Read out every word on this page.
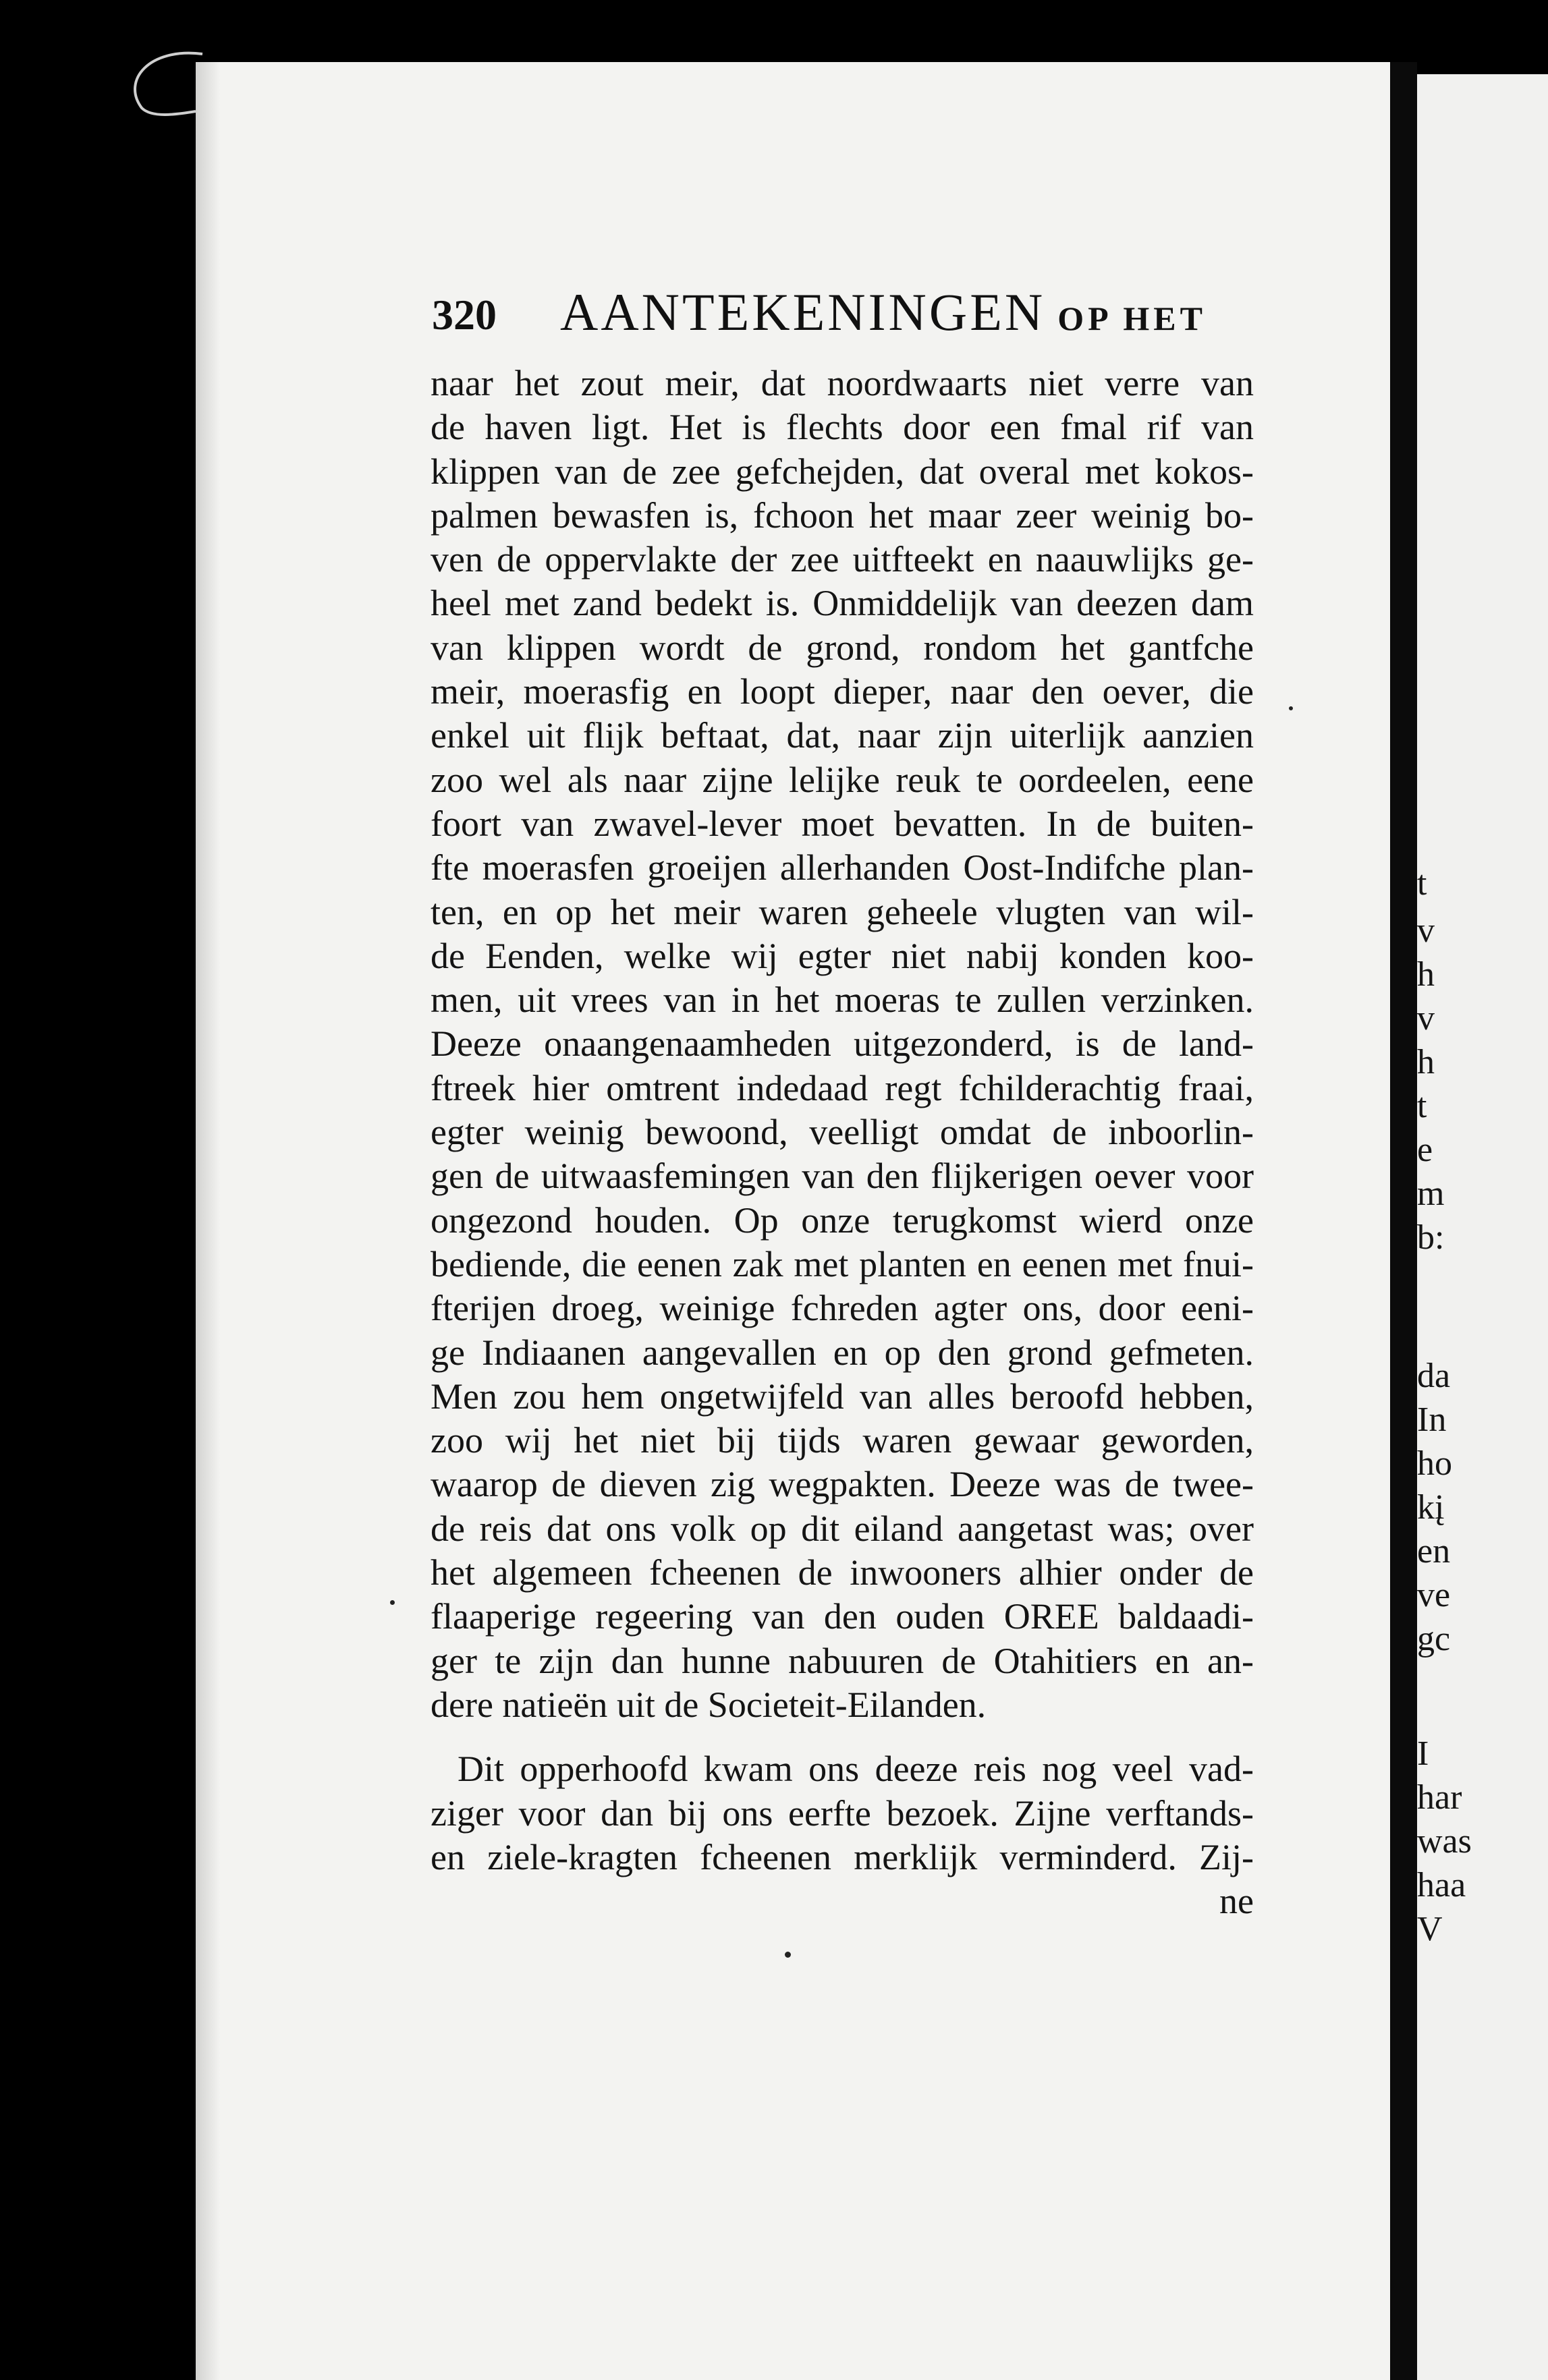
t
v
h
v
h
t
e
m
b:
da
In
ho
kį
en
ve
gc
I
har
was
haa
V
320 AANTEKENINGEN OP HET
naar het zout meir, dat noordwaarts niet verre van
de haven ligt. Het is flechts door een fmal rif van
klippen van de zee gefchejden, dat overal met kokos-
palmen bewasfen is, fchoon het maar zeer weinig bo-
ven de oppervlakte der zee uitfteekt en naauwlijks ge-
heel met zand bedekt is. Onmiddelijk van deezen dam
van klippen wordt de grond, rondom het gantfche
meir, moerasfig en loopt dieper, naar den oever, die
enkel uit flijk beftaat, dat, naar zijn uiterlijk aanzien
zoo wel als naar zijne lelijke reuk te oordeelen, eene
foort van zwavel-lever moet bevatten. In de buiten-
fte moerasfen groeijen allerhanden Oost-Indifche plan-
ten, en op het meir waren geheele vlugten van wil-
de Eenden, welke wij egter niet nabij konden koo-
men, uit vrees van in het moeras te zullen verzinken.
Deeze onaangenaamheden uitgezonderd, is de land-
ftreek hier omtrent indedaad regt fchilderachtig fraai,
egter weinig bewoond, veelligt omdat de inboorlin-
gen de uitwaasfemingen van den flijkerigen oever voor
ongezond houden. Op onze terugkomst wierd onze
bediende, die eenen zak met planten en eenen met fnui-
fterijen droeg, weinige fchreden agter ons, door eeni-
ge Indiaanen aangevallen en op den grond gefmeten.
Men zou hem ongetwijfeld van alles beroofd hebben,
zoo wij het niet bij tijds waren gewaar geworden,
waarop de dieven zig wegpakten. Deeze was de twee-
de reis dat ons volk op dit eiland aangetast was; over
het algemeen fcheenen de inwooners alhier onder de
flaaperige regeering van den ouden OREE baldaadi-
ger te zijn dan hunne nabuuren de Otahitiers en an-
dere natieën uit de Societeit-Eilanden.
Dit opperhoofd kwam ons deeze reis nog veel vad-
ziger voor dan bij ons eerfte bezoek. Zijne verftands-
en ziele-kragten fcheenen merklijk verminderd. Zij-
ne
